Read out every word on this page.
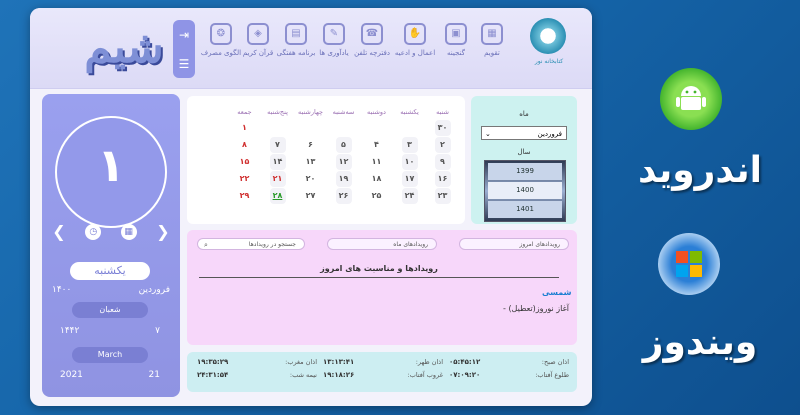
شیم	⇥
☰
▦
تقویم
▣
گنجینه
✋
اعمال و ادعیه
☎
دفترچه تلفن
✎
یادآوری ها
▤
برنامه هفتگی
◈
قرآن کریم
❂
الگوی مصرف
کتابخانه نور
۱
❮	◷	▦ ❯
یکشنبه
۱۴۰۰	فروردین
شعبان
۱۴۴۲	۷
March
2021	21
شنبه
یکشنبه
دوشنبه
سه‌شنبه
چهارشنبه
پنج‌شنبه
جمعه
۳۰
۲
۹
۱۶
۲۳
۳
۱۰
۱۷
۲۴
۴
۱۱
۱۸
۲۵
۵
۱۲
۱۹
۲۶
۶
۱۳
۲۰
۲۷
۷
۱۴
۲۱
۲۸
۱
۸
۱۵
۲۲
۲۹
ماه
⌄	فروردین
سال
1399
1400
1401
رویدادهای امروز
رویدادهای ماه
⌕	جستجو در رویدادها
رویدادها و مناسبت های امروز
شمسی
- آغاز نوروز(تعطیل)
اذان صبح:
۰۵:۴۵:۱۲
طلوع آفتاب:
۰۷:۰۹:۲۰
اذان ظهر:
۱۳:۱۳:۴۱
غروب آفتاب:
۱۹:۱۸:۲۶
اذان مغرب:
۱۹:۳۵:۲۹
نیمه شب:
۲۴:۳۱:۵۴
اندروید
ویندوز
